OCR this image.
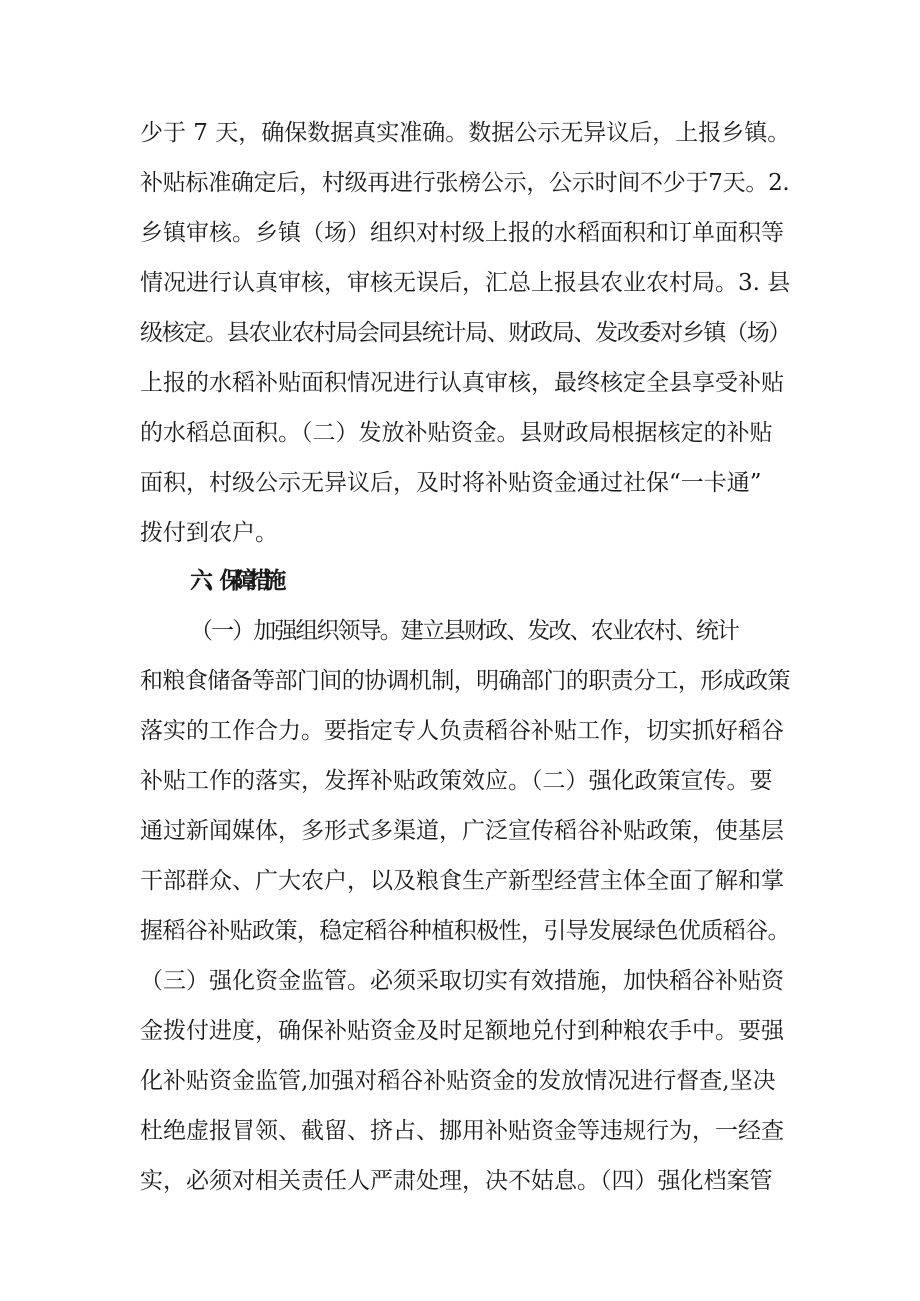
少于 7 天，确保数据真实准确。数据公示无异议后，上报乡镇。
补贴标准确定后，村级再进行张榜公示，公示时间不少于7天。2.
乡镇审核。乡镇（场）组织对村级上报的水稻面积和订单面积等
情况进行认真审核，审核无误后，汇总上报县农业农村局。3. 县
级核定。县农业农村局会同县统计局、财政局、发改委对乡镇（场）
上报的水稻补贴面积情况进行认真审核，最终核定全县享受补贴
的水稻总面积。（二）发放补贴资金。县财政局根据核定的补贴
面积，村级公示无异议后，及时将补贴资金通过社保“一卡通”
拨付到农户。
六、保障措施
（一）加强组织领导。建立县财政、发改、农业农村、统计
和粮食储备等部门间的协调机制，明确部门的职责分工，形成政策
落实的工作合力。要指定专人负责稻谷补贴工作，切实抓好稻谷
补贴工作的落实，发挥补贴政策效应。（二）强化政策宣传。要
通过新闻媒体，多形式多渠道，广泛宣传稻谷补贴政策，使基层
干部群众、广大农户，以及粮食生产新型经营主体全面了解和掌
握稻谷补贴政策，稳定稻谷种植积极性，引导发展绿色优质稻谷。
（三）强化资金监管。必须采取切实有效措施，加快稻谷补贴资
金拨付进度，确保补贴资金及时足额地兑付到种粮农手中。要强
化补贴资金监管,加强对稻谷补贴资金的发放情况进行督查,坚决
杜绝虚报冒领、截留、挤占、挪用补贴资金等违规行为，一经查
实，必须对相关责任人严肃处理，决不姑息。（四）强化档案管
